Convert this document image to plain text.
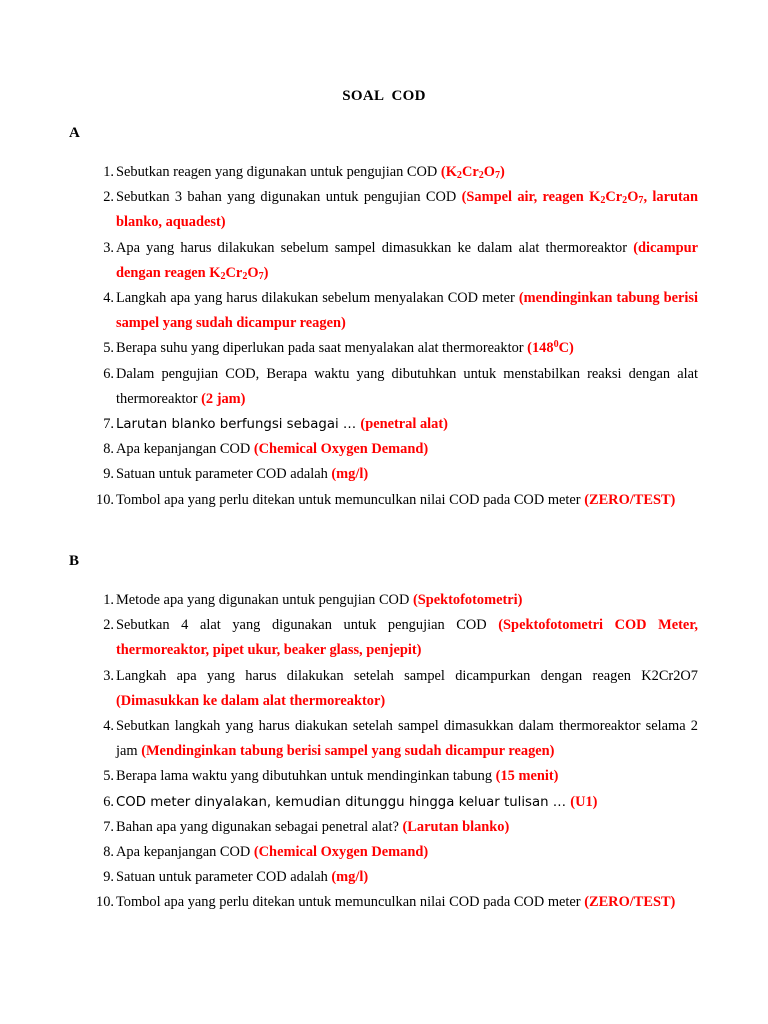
SOAL COD
A
1. Sebutkan reagen yang digunakan untuk pengujian COD $(K_2Cr_2O_7)$
2. Sebutkan 3 bahan yang digunakan untuk pengujian COD (Sampel air, reagen $K_2Cr_2O_7$, larutan blanko, aquadest)
3. Apa yang harus dilakukan sebelum sampel dimasukkan ke dalam alat thermoreaktor (dicampur dengan reagen $K_2Cr_2O_7$)
4. Langkah apa yang harus dilakukan sebelum menyalakan COD meter (mendinginkan tabung berisi sampel yang sudah dicampur reagen)
5. Berapa suhu yang diperlukan pada saat menyalakan alat thermoreaktor $(148^0C)$
6. Dalam pengujian COD, Berapa waktu yang dibutuhkan untuk menstabilkan reaksi dengan alat thermoreaktor (2 jam)
7. Larutan blanko berfungsi sebagai … (penetral alat)
8. Apa kepanjangan COD (Chemical Oxygen Demand)
9. Satuan untuk parameter COD adalah (mg/l)
10. Tombol apa yang perlu ditekan untuk memunculkan nilai COD pada COD meter (ZERO/TEST)
B
1. Metode apa yang digunakan untuk pengujian COD (Spektofotometri)
2. Sebutkan 4 alat yang digunakan untuk pengujian COD (Spektofotometri COD Meter, thermoreaktor, pipet ukur, beaker glass, penjepit)
3. Langkah apa yang harus dilakukan setelah sampel dicampurkan dengan reagen K2Cr2O7 (Dimasukkan ke dalam alat thermoreaktor)
4. Sebutkan langkah yang harus diakukan setelah sampel dimasukkan dalam thermoreaktor selama 2 jam (Mendinginkan tabung berisi sampel yang sudah dicampur reagen)
5. Berapa lama waktu yang dibutuhkan untuk mendinginkan tabung (15 menit)
6. COD meter dinyalakan, kemudian ditunggu hingga keluar tulisan … (U1)
7. Bahan apa yang digunakan sebagai penetral alat? (Larutan blanko)
8. Apa kepanjangan COD (Chemical Oxygen Demand)
9. Satuan untuk parameter COD adalah (mg/l)
10. Tombol apa yang perlu ditekan untuk memunculkan nilai COD pada COD meter (ZERO/TEST)
